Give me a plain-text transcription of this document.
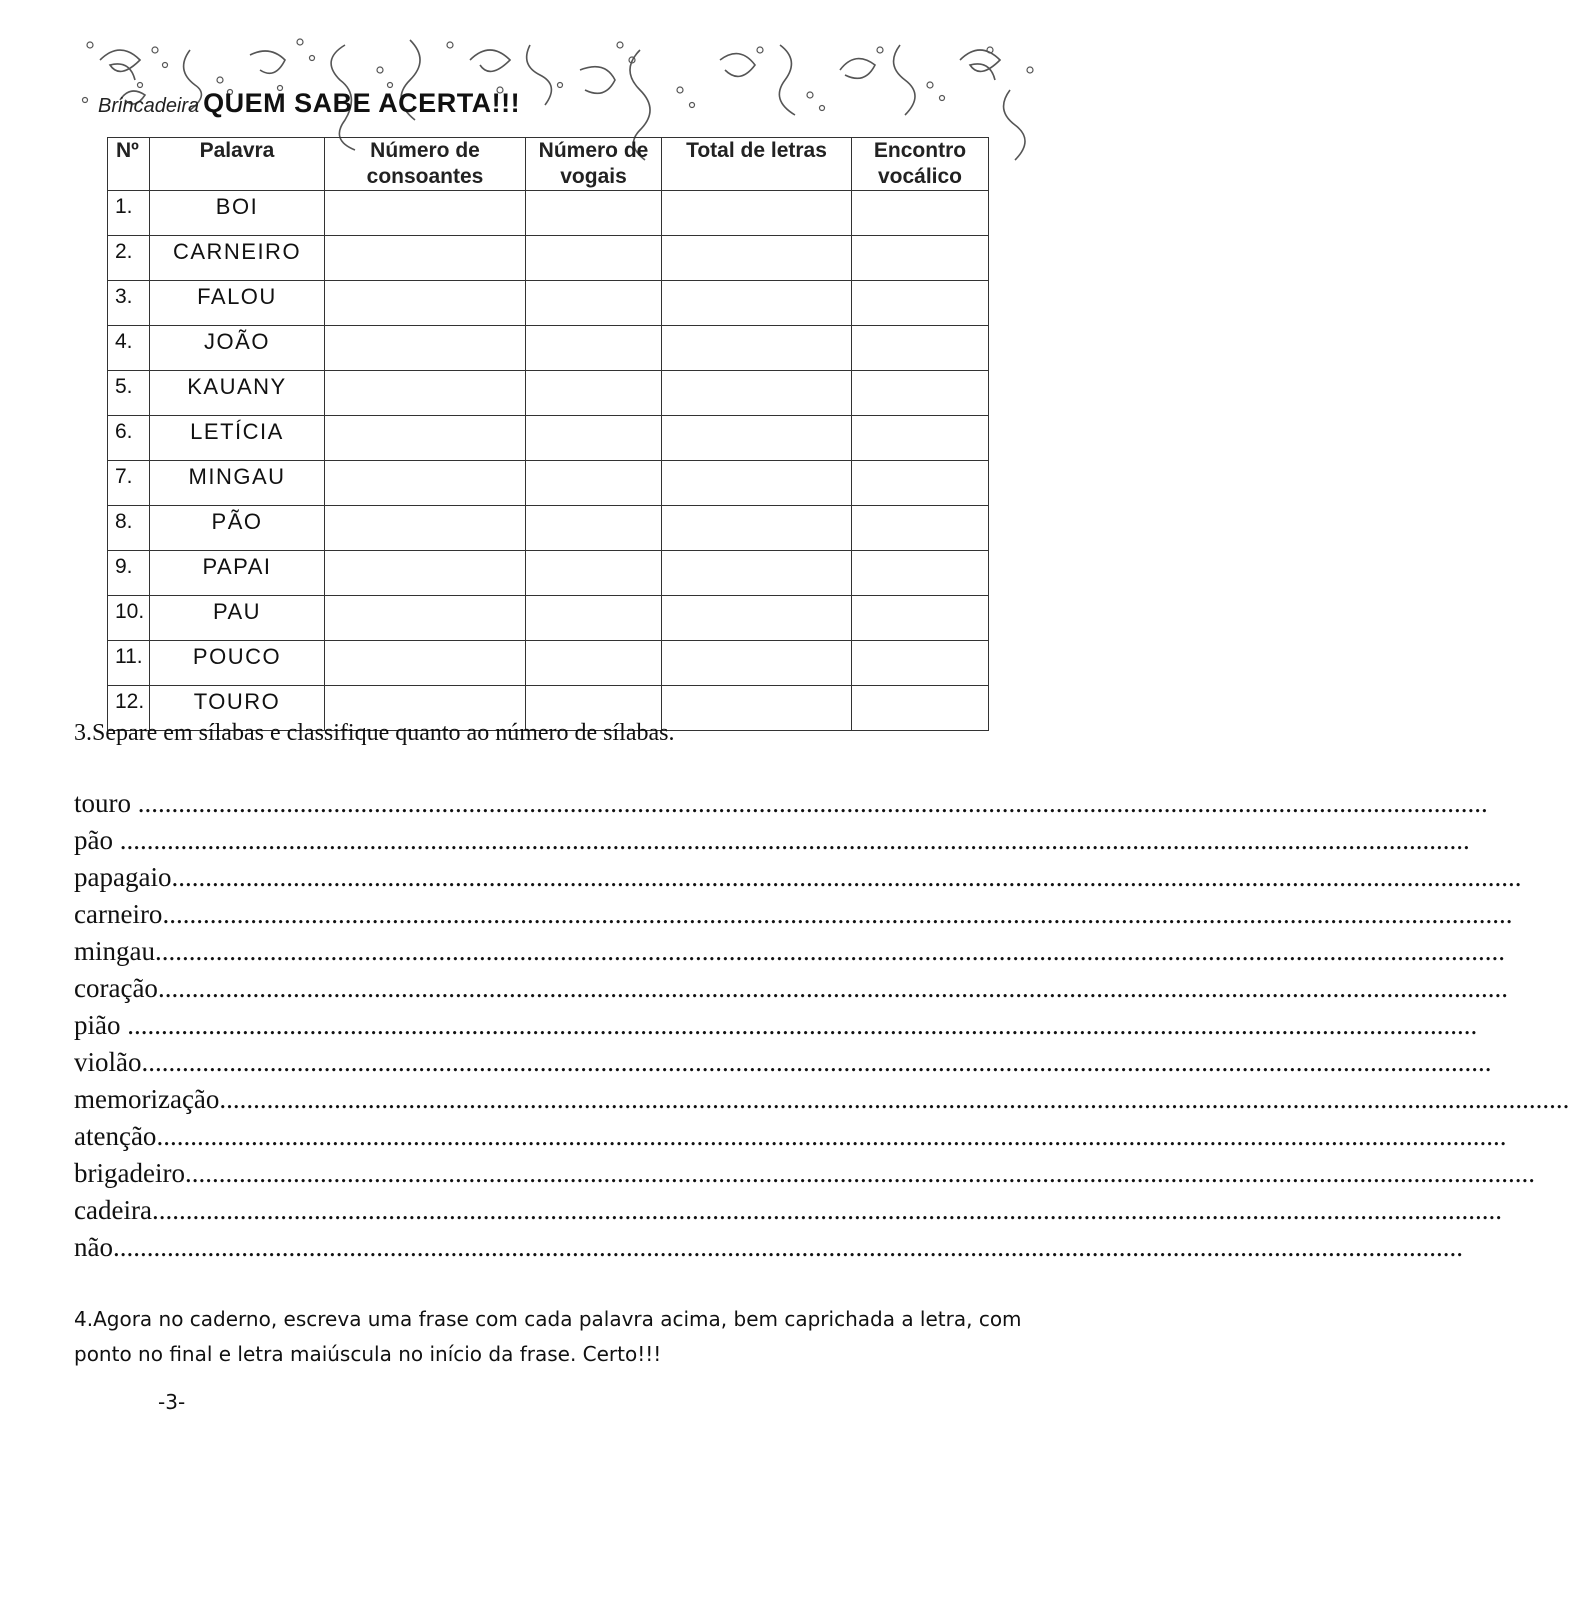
Brincadeira QUEM SABE ACERTA!!!
Nº	Palavra	Número de consoantes	Número de vogais	Total de letras	Encontro vocálico
1.	BOI				
2.	CARNEIRO				
3.	FALOU				
4.	JOÃO				
5.	KAUANY				
6.	LETÍCIA				
7.	MINGAU				
8.	PÃO				
9.	PAPAI				
10.	PAU				
11.	POUCO				
12.	TOURO				
3.Separe em sílabas e classifique quanto ao número de sílabas.
touro ........................................................................................................................................................................................................
pão ........................................................................................................................................................................................................
papagaio........................................................................................................................................................................................................
carneiro........................................................................................................................................................................................................
mingau........................................................................................................................................................................................................
coração........................................................................................................................................................................................................
pião ........................................................................................................................................................................................................
violão........................................................................................................................................................................................................
memorização........................................................................................................................................................................................................
atenção........................................................................................................................................................................................................
brigadeiro........................................................................................................................................................................................................
cadeira........................................................................................................................................................................................................
não........................................................................................................................................................................................................
4.Agora no caderno, escreva uma frase com cada palavra acima, bem caprichada a letra, com ponto no final e letra maiúscula no início da frase. Certo!!!
-3-
